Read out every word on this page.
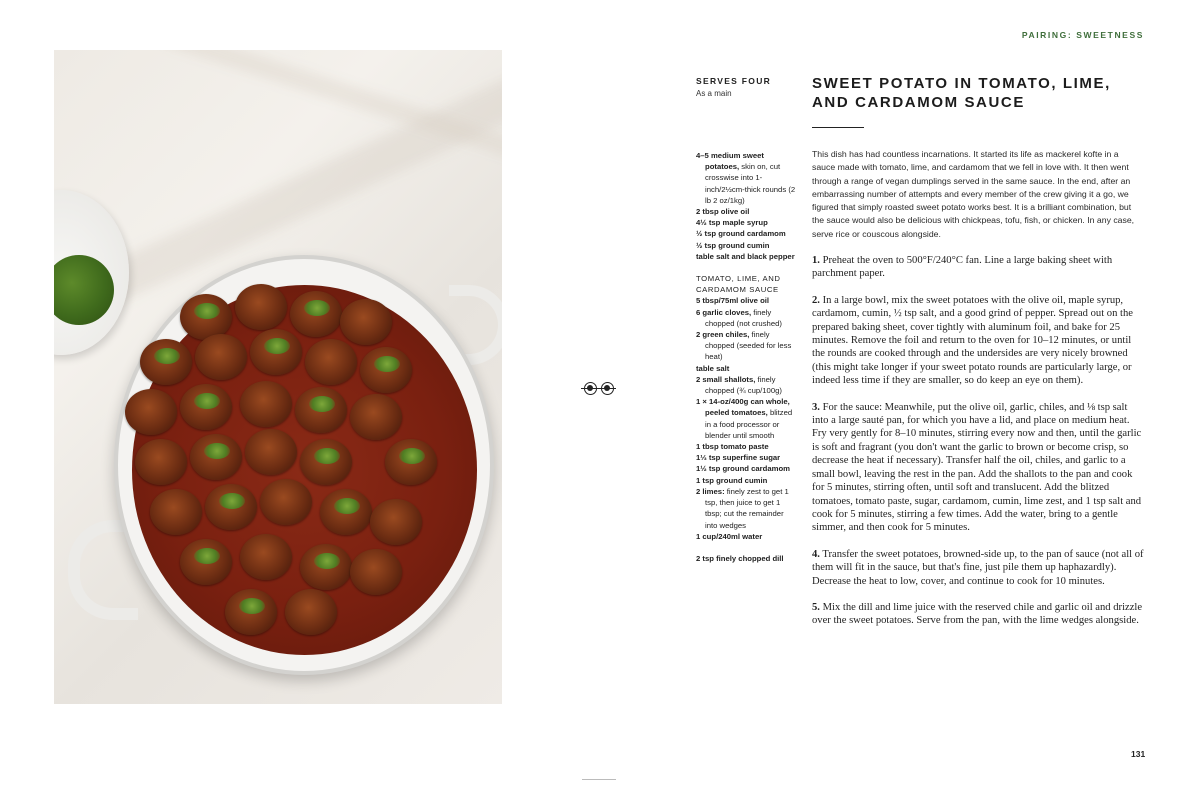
PAIRING: SWEETNESS
SERVES FOUR
As a main
SWEET POTATO IN TOMATO, LIME, AND CARDAMOM SAUCE
4–5 medium sweet potatoes, skin on, cut crosswise into 1-inch/2½cm-thick rounds (2 lb 2 oz/1kg)
2 tbsp olive oil
4½ tsp maple syrup
½ tsp ground cardamom
½ tsp ground cumin
table salt and black pepper
TOMATO, LIME, AND CARDAMOM SAUCE
5 tbsp/75ml olive oil
6 garlic cloves, finely chopped (not crushed)
2 green chiles, finely chopped (seeded for less heat)
table salt
2 small shallots, finely chopped (¾ cup/100g)
1 × 14-oz/400g can whole, peeled tomatoes, blitzed in a food processor or blender until smooth
1 tbsp tomato paste
1⅓ tsp superfine sugar
1½ tsp ground cardamom
1 tsp ground cumin
2 limes: finely zest to get 1 tsp, then juice to get 1 tbsp; cut the remainder into wedges
1 cup/240ml water
2 tsp finely chopped dill
This dish has had countless incarnations. It started its life as mackerel kofte in a sauce made with tomato, lime, and cardamom that we fell in love with. It then went through a range of vegan dumplings served in the same sauce. In the end, after an embarrassing number of attempts and every member of the crew giving it a go, we figured that simply roasted sweet potato works best. It is a brilliant combination, but the sauce would also be delicious with chickpeas, tofu, fish, or chicken. In any case, serve rice or couscous alongside.
1. Preheat the oven to 500°F/240°C fan. Line a large baking sheet with parchment paper.
2. In a large bowl, mix the sweet potatoes with the olive oil, maple syrup, cardamom, cumin, ½ tsp salt, and a good grind of pepper. Spread out on the prepared baking sheet, cover tightly with aluminum foil, and bake for 25 minutes. Remove the foil and return to the oven for 10–12 minutes, or until the rounds are cooked through and the undersides are very nicely browned (this might take longer if your sweet potato rounds are particularly large, or indeed less time if they are smaller, so do keep an eye on them).
3. For the sauce: Meanwhile, put the olive oil, garlic, chiles, and ⅛ tsp salt into a large sauté pan, for which you have a lid, and place on medium heat. Fry very gently for 8–10 minutes, stirring every now and then, until the garlic is soft and fragrant (you don't want the garlic to brown or become crisp, so decrease the heat if necessary). Transfer half the oil, chiles, and garlic to a small bowl, leaving the rest in the pan. Add the shallots to the pan and cook for 5 minutes, stirring often, until soft and translucent. Add the blitzed tomatoes, tomato paste, sugar, cardamom, cumin, lime zest, and 1 tsp salt and cook for 5 minutes, stirring a few times. Add the water, bring to a gentle simmer, and then cook for 5 minutes.
4. Transfer the sweet potatoes, browned-side up, to the pan of sauce (not all of them will fit in the sauce, but that's fine, just pile them up haphazardly). Decrease the heat to low, cover, and continue to cook for 10 minutes.
5. Mix the dill and lime juice with the reserved chile and garlic oil and drizzle over the sweet potatoes. Serve from the pan, with the lime wedges alongside.
131
